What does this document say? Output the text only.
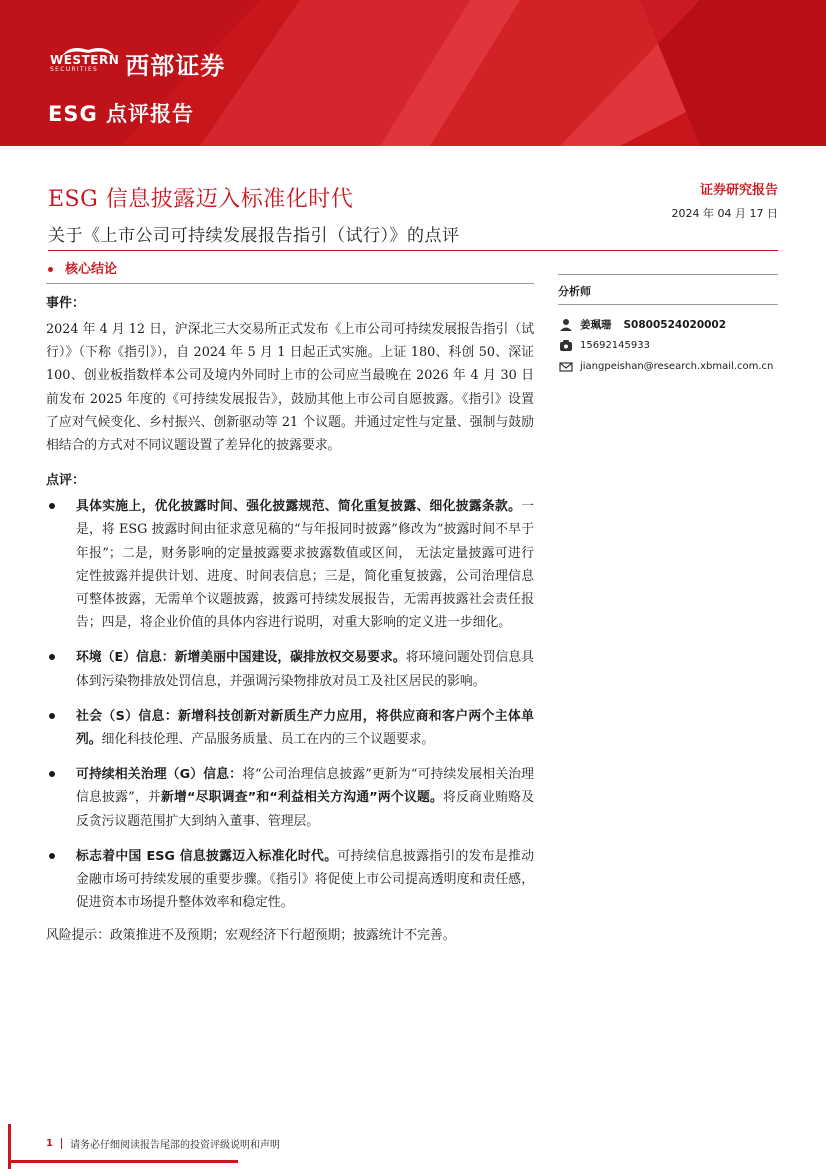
WESTERN
SECURITIES	西部证券
ESG 点评报告
ESG 信息披露迈入标准化时代
关于《上市公司可持续发展报告指引（试行）》的点评
证券研究报告
2024 年 04 月 17 日
核心结论
事件：

2024 年 4 月 12 日，沪深北三大交易所正式发布《上市公司可持续发展报告指引（试行）》（下称《指引》），自 2024 年 5 月 1 日起正式实施。上证 180、科创 50、深证 100、创业板指数样本公司及境内外同时上市的公司应当最晚在 2026 年 4 月 30 日前发布 2025 年度的《可持续发展报告》，鼓励其他上市公司自愿披露。《指引》设置了应对气候变化、乡村振兴、创新驱动等 21 个议题。并通过定性与定量、强制与鼓励相结合的方式对不同议题设置了差异化的披露要求。

点评：
具体实施上，优化披露时间、强化披露规范、简化重复披露、细化披露条款。一是，将 ESG 披露时间由征求意见稿的“与年报同时披露”修改为“披露时间不早于年报”；二是，财务影响的定量披露要求披露数值或区间， 无法定量披露可进行定性披露并提供计划、进度、时间表信息；三是，简化重复披露，公司治理信息可整体披露，无需单个议题披露，披露可持续发展报告，无需再披露社会责任报告；四是，将企业价值的具体内容进行说明，对重大影响的定义进一步细化。
环境（E）信息：新增美丽中国建设，碳排放权交易要求。将环境问题处罚信息具体到污染物排放处罚信息，并强调污染物排放对员工及社区居民的影响。
社会（S）信息：新增科技创新对新质生产力应用，将供应商和客户两个主体单列。细化科技伦理、产品服务质量、员工在内的三个议题要求。
可持续相关治理（G）信息：将“公司治理信息披露”更新为“可持续发展相关治理信息披露”，并新增“尽职调查”和“利益相关方沟通”两个议题。将反商业贿赂及反贪污议题范围扩大到纳入董事、管理层。
标志着中国 ESG 信息披露迈入标准化时代。可持续信息披露指引的发布是推动金融市场可持续发展的重要步骤。《指引》将促使上市公司提高透明度和责任感，促进资本市场提升整体效率和稳定性。

风险提示：政策推进不及预期；宏观经济下行超预期；披露统计不完善。

分析师
姜珮珊 S0800524020002
15692145933
jiangpeishan@research.xbmail.com.cn
1 请务必仔细阅读报告尾部的投资评级说明和声明
